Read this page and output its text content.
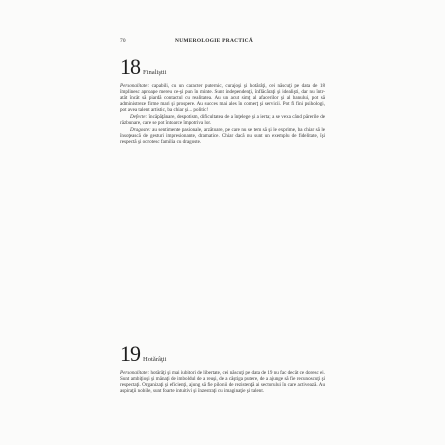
70	NUMEROLOGIE PRACTICĂ
18 Finaliştii

Personalitate: capabili, cu un caracter puternic, curajoşi şi hotărâţi, cei născuţi pe data de 18 împlinesc aproape mereu ce-şi pun în minte. Sunt independenţi, înflăcăraţi şi idealişti, dar nu într-atât încât să piardă contactul cu realitatea. Au un acut simţ al afacerilor şi al banului, pot să administreze firme mari şi prospere. Au succes mai ales în comerţ şi servicii. Pot fi fini psihologi, pot avea talent artistic, ba chiar şi... politic!

Defecte: încăpăţânare, despotism, dificultatea de a înţelege şi a ierta; a se vexa când părerile de răzbunare, care se pot întoarce împotriva lor.

Dragoste: au sentimente pasionale, arzătoare, pe care nu se tem să şi le exprime, ba chiar să le însoţească de gesturi impresionante, dramatice. Chiar dacă nu sunt un exemplu de fidelitate, îşi respectă şi ocrotesc familia cu dragoste.

19 Hotărâţii

Personalitate: hotărâţi şi mai iubitori de libertate, cei născuţi pe data de 19 nu fac decât ce doresc ei. Sunt ambiţioşi şi mânaţi de imboldul de a reuşi, de a câştiga putere, de a ajunge să fie recunoscuţi şi respectaţi. Organizaţi şi eficienţi, ajung să fie pilonii de rezistenţă ai sectorului în care activează. Au aspiraţii nobile, sunt foarte intuitivi şi înzestraţi cu imaginaţie şi talent.
